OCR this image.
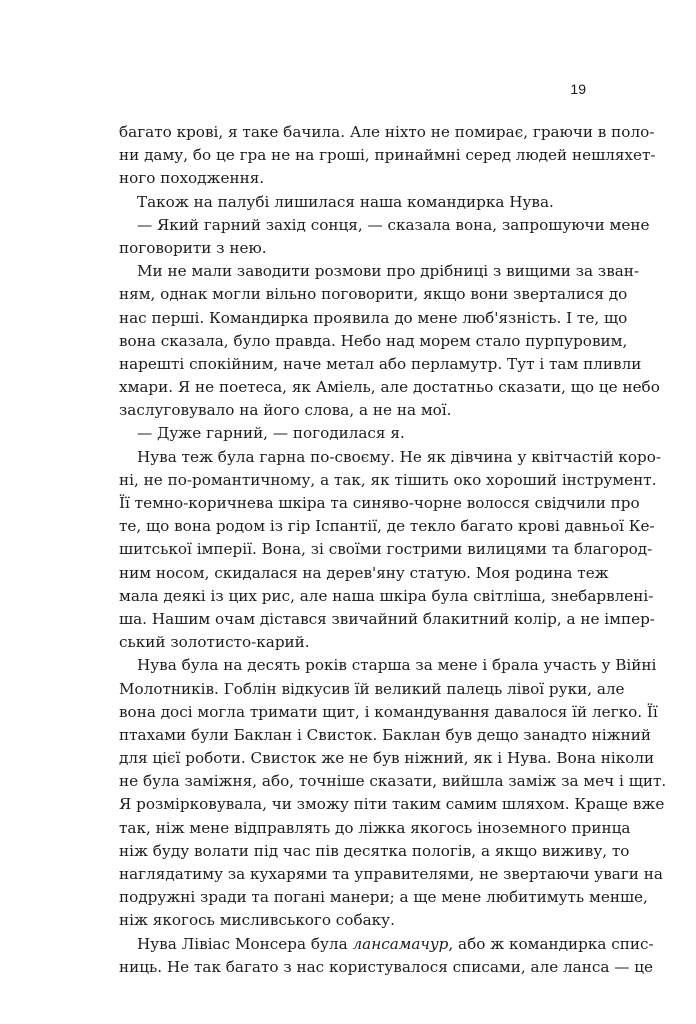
19
багато крові, я таке бачила. Але ніхто не помирає, граючи в поло-
ни даму, бо це гра не на гроші, принаймні серед людей нешляхет-
ного походження.
Також на палубі лишилася наша командирка Нува.
— Який гарний захід сонця, — сказала вона, запрошуючи мене
поговорити з нею.
Ми не мали заводити розмови про дрібниці з вищими за зван-
ням, однак могли вільно поговорити, якщо вони зверталися до
нас перші. Командирка проявила до мене люб'язність. І те, що
вона сказала, було правда. Небо над морем стало пурпуровим,
нарешті спокійним, наче метал або перламутр. Тут і там пливли
хмари. Я не поетеса, як Аміель, але достатньо сказати, що це небо
заслуговувало на його слова, а не на мої.
— Дуже гарний, — погодилася я.
Нува теж була гарна по-своєму. Не як дівчина у квітчастій коро-
ні, не по-романтичному, а так, як тішить око хороший інструмент.
Її темно-коричнева шкіра та синяво-чорне волосся свідчили про
те, що вона родом із гір Іспантії, де текло багато крові давньої Ке-
шитської імперії. Вона, зі своїми гострими вилицями та благород-
ним носом, скидалася на дерев'яну статую. Моя родина теж
мала деякі із цих рис, але наша шкіра була світліша, знебарвлені-
ша. Нашим очам дістався звичайний блакитний колір, а не імпер-
ський золотисто-карий.
Нува була на десять років старша за мене і брала участь у Війні
Молотників. Гоблін відкусив їй великий палець лівої руки, але
вона досі могла тримати щит, і командування давалося їй легко. Її
птахами були Баклан і Свисток. Баклан був дещо занадто ніжний
для цієї роботи. Свисток же не був ніжний, як і Нува. Вона ніколи
не була заміжня, або, точніше сказати, вийшла заміж за меч і щит.
Я розмірковувала, чи зможу піти таким самим шляхом. Краще вже
так, ніж мене відправлять до ліжка якогось іноземного принца
ніж буду волати під час пів десятка пологів, а якщо виживу, то
наглядатиму за кухарями та управителями, не звертаючи уваги на
подружні зради та погані манери; а ще мене любитимуть менше,
ніж якогось мисливського собаку.
Нува Лівіас Монсера була лансамачур, або ж командирка спис-
ниць. Не так багато з нас користувалося списами, але ланса — це
